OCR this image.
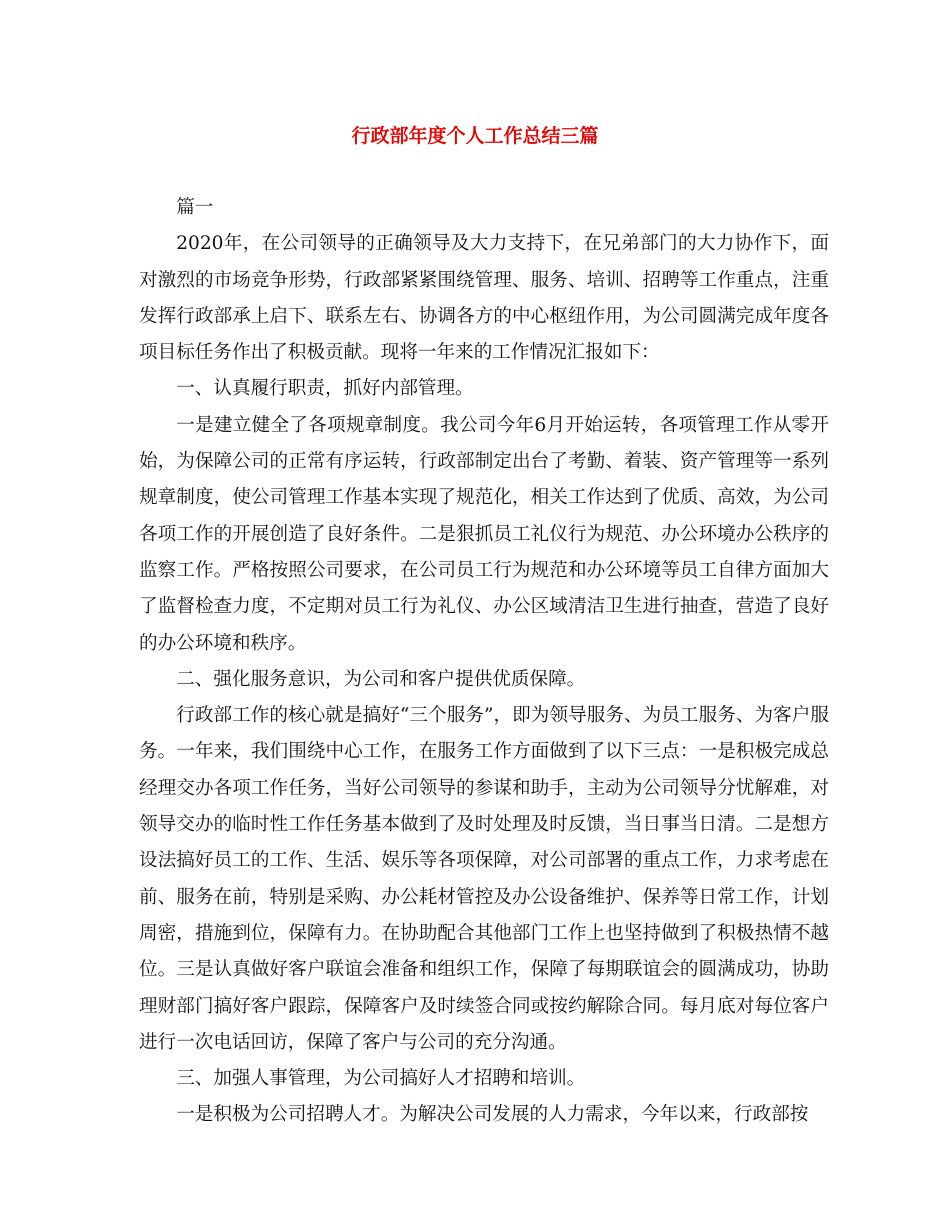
行政部年度个人工作总结三篇

篇一

2020年，在公司领导的正确领导及大力支持下，在兄弟部门的大力协作下，面对激烈的市场竞争形势，行政部紧紧围绕管理、服务、培训、招聘等工作重点，注重发挥行政部承上启下、联系左右、协调各方的中心枢纽作用，为公司圆满完成年度各项目标任务作出了积极贡献。现将一年来的工作情况汇报如下：

一、认真履行职责，抓好内部管理。

一是建立健全了各项规章制度。我公司今年6月开始运转，各项管理工作从零开始，为保障公司的正常有序运转，行政部制定出台了考勤、着装、资产管理等一系列规章制度，使公司管理工作基本实现了规范化，相关工作达到了优质、高效，为公司各项工作的开展创造了良好条件。二是狠抓员工礼仪行为规范、办公环境办公秩序的监察工作。严格按照公司要求，在公司员工行为规范和办公环境等员工自律方面加大了监督检查力度，不定期对员工行为礼仪、办公区域清洁卫生进行抽查，营造了良好的办公环境和秩序。

二、强化服务意识，为公司和客户提供优质保障。

行政部工作的核心就是搞好“三个服务”，即为领导服务、为员工服务、为客户服务。一年来，我们围绕中心工作，在服务工作方面做到了以下三点：一是积极完成总经理交办各项工作任务，当好公司领导的参谋和助手，主动为公司领导分忧解难，对领导交办的临时性工作任务基本做到了及时处理及时反馈，当日事当日清。二是想方设法搞好员工的工作、生活、娱乐等各项保障，对公司部署的重点工作，力求考虑在前、服务在前，特别是采购、办公耗材管控及办公设备维护、保养等日常工作，计划周密，措施到位，保障有力。在协助配合其他部门工作上也坚持做到了积极热情不越位。三是认真做好客户联谊会准备和组织工作，保障了每期联谊会的圆满成功，协助理财部门搞好客户跟踪，保障客户及时续签合同或按约解除合同。每月底对每位客户进行一次电话回访，保障了客户与公司的充分沟通。

三、加强人事管理，为公司搞好人才招聘和培训。

一是积极为公司招聘人才。为解决公司发展的人力需求，今年以来，行政部按
